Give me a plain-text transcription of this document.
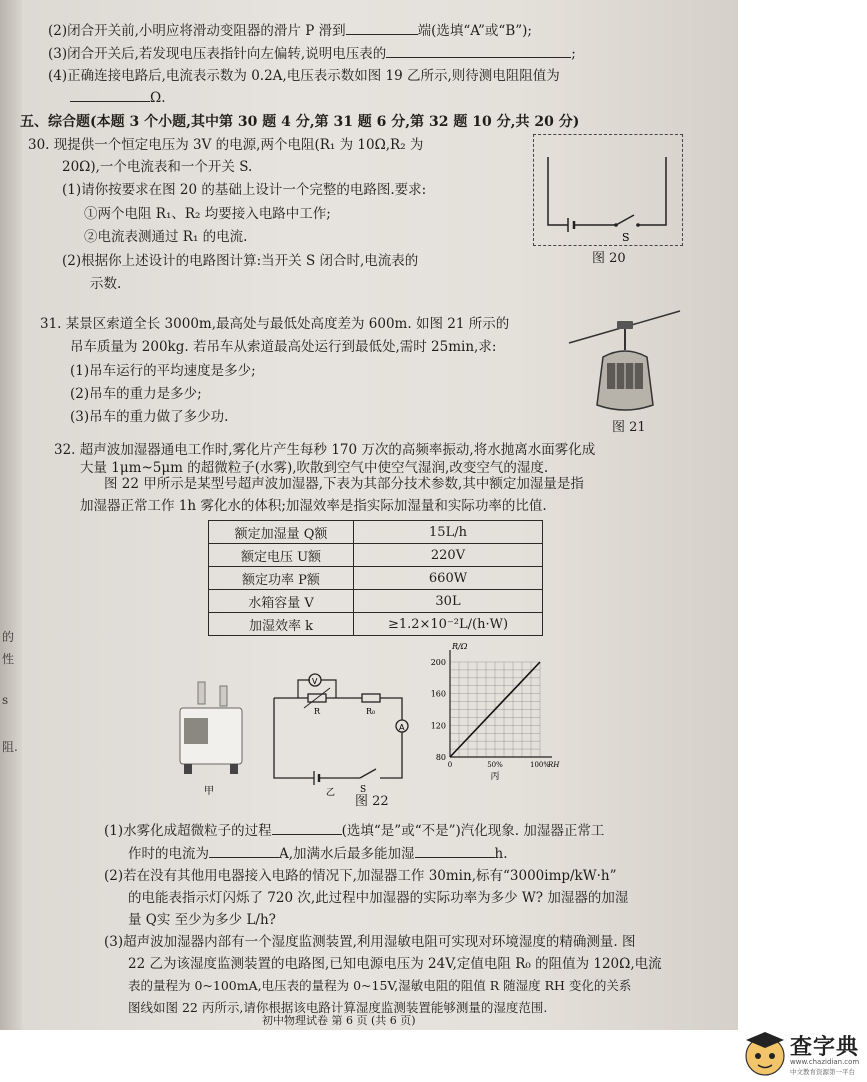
(2)闭合开关前,小明应将滑动变阻器的滑片 P 滑到	端(选填“A”或“B”);
(3)闭合开关后,若发现电压表指针向左偏转,说明电压表的	;
(4)正确连接电路后,电流表示数为 0.2A,电压表示数如图 19 乙所示,则待测电阻阻值为
Ω.
五、综合题(本题 3 个小题,其中第 30 题 4 分,第 31 题 6 分,第 32 题 10 分,共 20 分)
30. 现提供一个恒定电压为 3V 的电源,两个电阻(R₁ 为 10Ω,R₂ 为
20Ω),一个电流表和一个开关 S.
(1)请你按要求在图 20 的基础上设计一个完整的电路图.要求:
①两个电阻 R₁、R₂ 均要接入电路中工作;
②电流表测通过 R₁ 的电流.
(2)根据你上述设计的电路图计算:当开关 S 闭合时,电流表的
示数.
S
图 20
31. 某景区索道全长 3000m,最高处与最低处高度差为 600m. 如图 21 所示的
吊车质量为 200kg. 若吊车从索道最高处运行到最低处,需时 25min,求:
(1)吊车运行的平均速度是多少;
(2)吊车的重力是多少;
(3)吊车的重力做了多少功.
图 21
32. 超声波加湿器通电工作时,雾化片产生每秒 170 万次的高频率振动,将水抛离水面雾化成
大量 1μm~5μm 的超微粒子(水雾),吹散到空气中使空气湿润,改变空气的湿度.
图 22 甲所示是某型号超声波加湿器,下表为其部分技术参数,其中额定加湿量是指
额定加湿量 Q额	15L/h
额定电压 U额	220V
额定功率 P额	660W
水箱容量 V	30L
加湿效率 k	≥1.2×10⁻²L/(h·W)
甲
A
R₀
R
V
S
乙
图 22
80
120
160
200
0	50%	100%
R/Ω
RH
丙
(1)水雾化成超微粒子的过程	(选填“是”或“不是”)汽化现象. 加湿器正常工
作时的电流为	A,加满水后最多能加湿	h.
(2)若在没有其他用电器接入电路的情况下,加湿器工作 30min,标有“3000imp/kW·h”
的电能表指示灯闪烁了 720 次,此过程中加湿器的实际功率为多少 W? 加湿器的加湿
量 Q实 至少为多少 L/h?
(3)超声波加湿器内部有一个湿度监测装置,利用湿敏电阻可实现对环境湿度的精确测量. 图
22 乙为该湿度监测装置的电路图,已知电源电压为 24V,定值电阻 R₀ 的阻值为 120Ω,电流
表的量程为 0~100mA,电压表的量程为 0~15V,湿敏电阻的阻值 R 随湿度 RH 变化的关系
图线如图 22 丙所示,请你根据该电路计算湿度监测装置能够测量的湿度范围.
初中物理试卷 第 6 页 (共 6 页)
的
性
s
阻.
加湿器正常工作 1h 雾化水的体积;加湿效率是指实际加湿量和实际功率的比值.
查字典
www.chazidian.com
中文教育资源第一平台
